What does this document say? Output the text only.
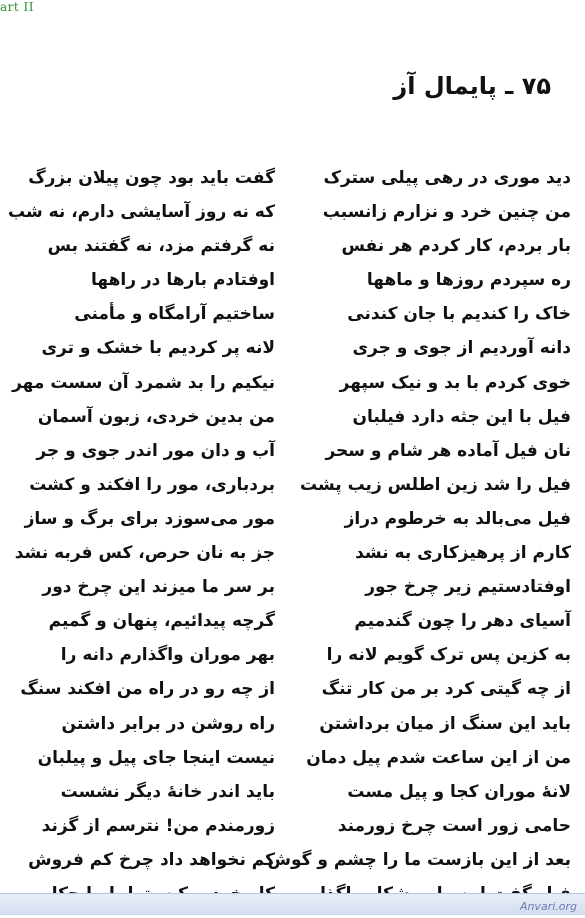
art II
۷۵ ـ پایمال آز
دید موری در رهی پیلی سترک
گفت باید بود چون پیلان بزرگ
من چنین خرد و نزارم زانسبب
که نه روز آسایشی دارم، نه شب
بار بردم، کار کردم هر نفس
نه گرفتم مزد، نه گفتند بس
ره سپردم روزها و ماهها
اوفتادم بارها در راهها
خاک را کندیم با جان کندنی
ساختیم آرامگاه و مأمنی
دانه آوردیم از جوی و جری
لانه پر کردیم با خشک و تری
خوی کردم با بد و نیک سپهر
نیکیم را بد شمرد آن سست مهر
فیل با این جثه دارد فیلبان
من بدین خردی، زبون آسمان
نان فیل آماده هر شام و سحر
آب و دان مور اندر جوی و جر
فیل را شد زین اطلس زیب پشت
بردباری، مور را افکند و کشت
فیل می‌بالد به خرطوم دراز
مور می‌سوزد برای برگ و ساز
کارم از پرهیزکاری به نشد
جز به نان حرص، کس فربه نشد
اوفتادستیم زیر چرخ جور
بر سر ما میزند این چرخ دور
آسیای دهر را چون گندمیم
گرچه پیدائیم، پنهان و گمیم
به کزین پس ترک گویم لانه را
بهر موران واگذارم دانه را
از چه گیتی کرد بر من کار تنگ
از چه رو در راه من افکند سنگ
باید این سنگ از میان برداشتن
راه روشن در برابر داشتن
من از این ساعت شدم پیل دمان
نیست اینجا جای پیل و پیلبان
لانهٔ موران کجا و پیل مست
باید اندر خانهٔ دیگر نشست
حامی زور است چرخ زورمند
زورمندم من! نترسم از گزند
بعد از این بازست ما را چشم و گوش
کم نخواهد داد چرخ کم فروش
Anvari.org
